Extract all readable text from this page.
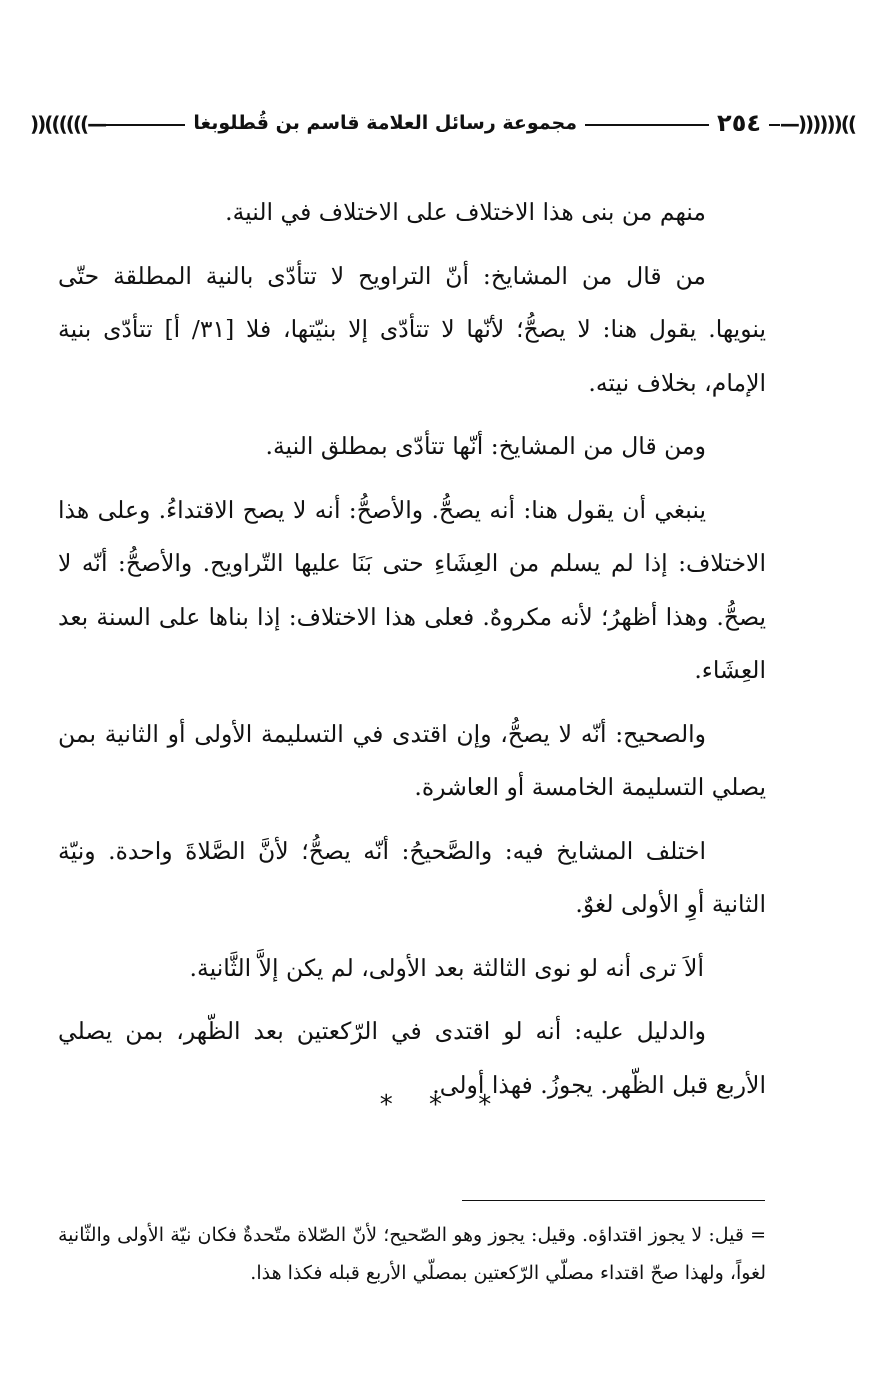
—))))))((
))((((((—	٢٥٤
مجموعة رسائل العلامة قاسم بن قُطلوبغا

منهم من بنى هذا الاختلاف على الاختلاف في النية.

من قال من المشايخ: أنّ التراويح لا تتأدّى بالنية المطلقة حتّى ينويها. يقول هنا: لا يصحُّ؛ لأنّها لا تتأدّى إلا بنيّتها، فلا [٣١/ أ] تتأدّى بنية الإمام، بخلاف نيته.

ومن قال من المشايخ: أنّها تتأدّى بمطلق النية.

ينبغي أن يقول هنا: أنه يصحُّ. والأصحُّ: أنه لا يصح الاقتداءُ. وعلى هذا الاختلاف: إذا لم يسلم من العِشَاءِ حتى بَنَا عليها التّراويح. والأصحُّ: أنّه لا يصحُّ. وهذا أظهرُ؛ لأنه مكروهٌ. فعلى هذا الاختلاف: إذا بناها على السنة بعد العِشَاء.

والصحيح: أنّه لا يصحُّ، وإن اقتدى في التسليمة الأولى أو الثانية بمن يصلي التسليمة الخامسة أو العاشرة.

اختلف المشايخ فيه: والصَّحيحُ: أنّه يصحُّ؛ لأنَّ الصَّلاةَ واحدة. ونيّة الثانية أوِ الأولى لغوٌ.

ألاَ ترى أنه لو نوى الثالثة بعد الأولى، لم يكن إلاَّ الثَّانية.

والدليل عليه: أنه لو اقتدى في الرّكعتين بعد الظّهر، بمن يصلي الأربع قبل الظّهر. يجوزُ. فهذا أولى.

* * *

= قيل: لا يجوز اقتداؤه. وقيل: يجوز وهو الصّحيح؛ لأنّ الصّلاة متّحدةٌ فكان نيّة الأولى والثّانية لغواً، ولهذا صحّ اقتداء مصلّي الرّكعتين بمصلّي الأربع قبله فكذا هذا.
